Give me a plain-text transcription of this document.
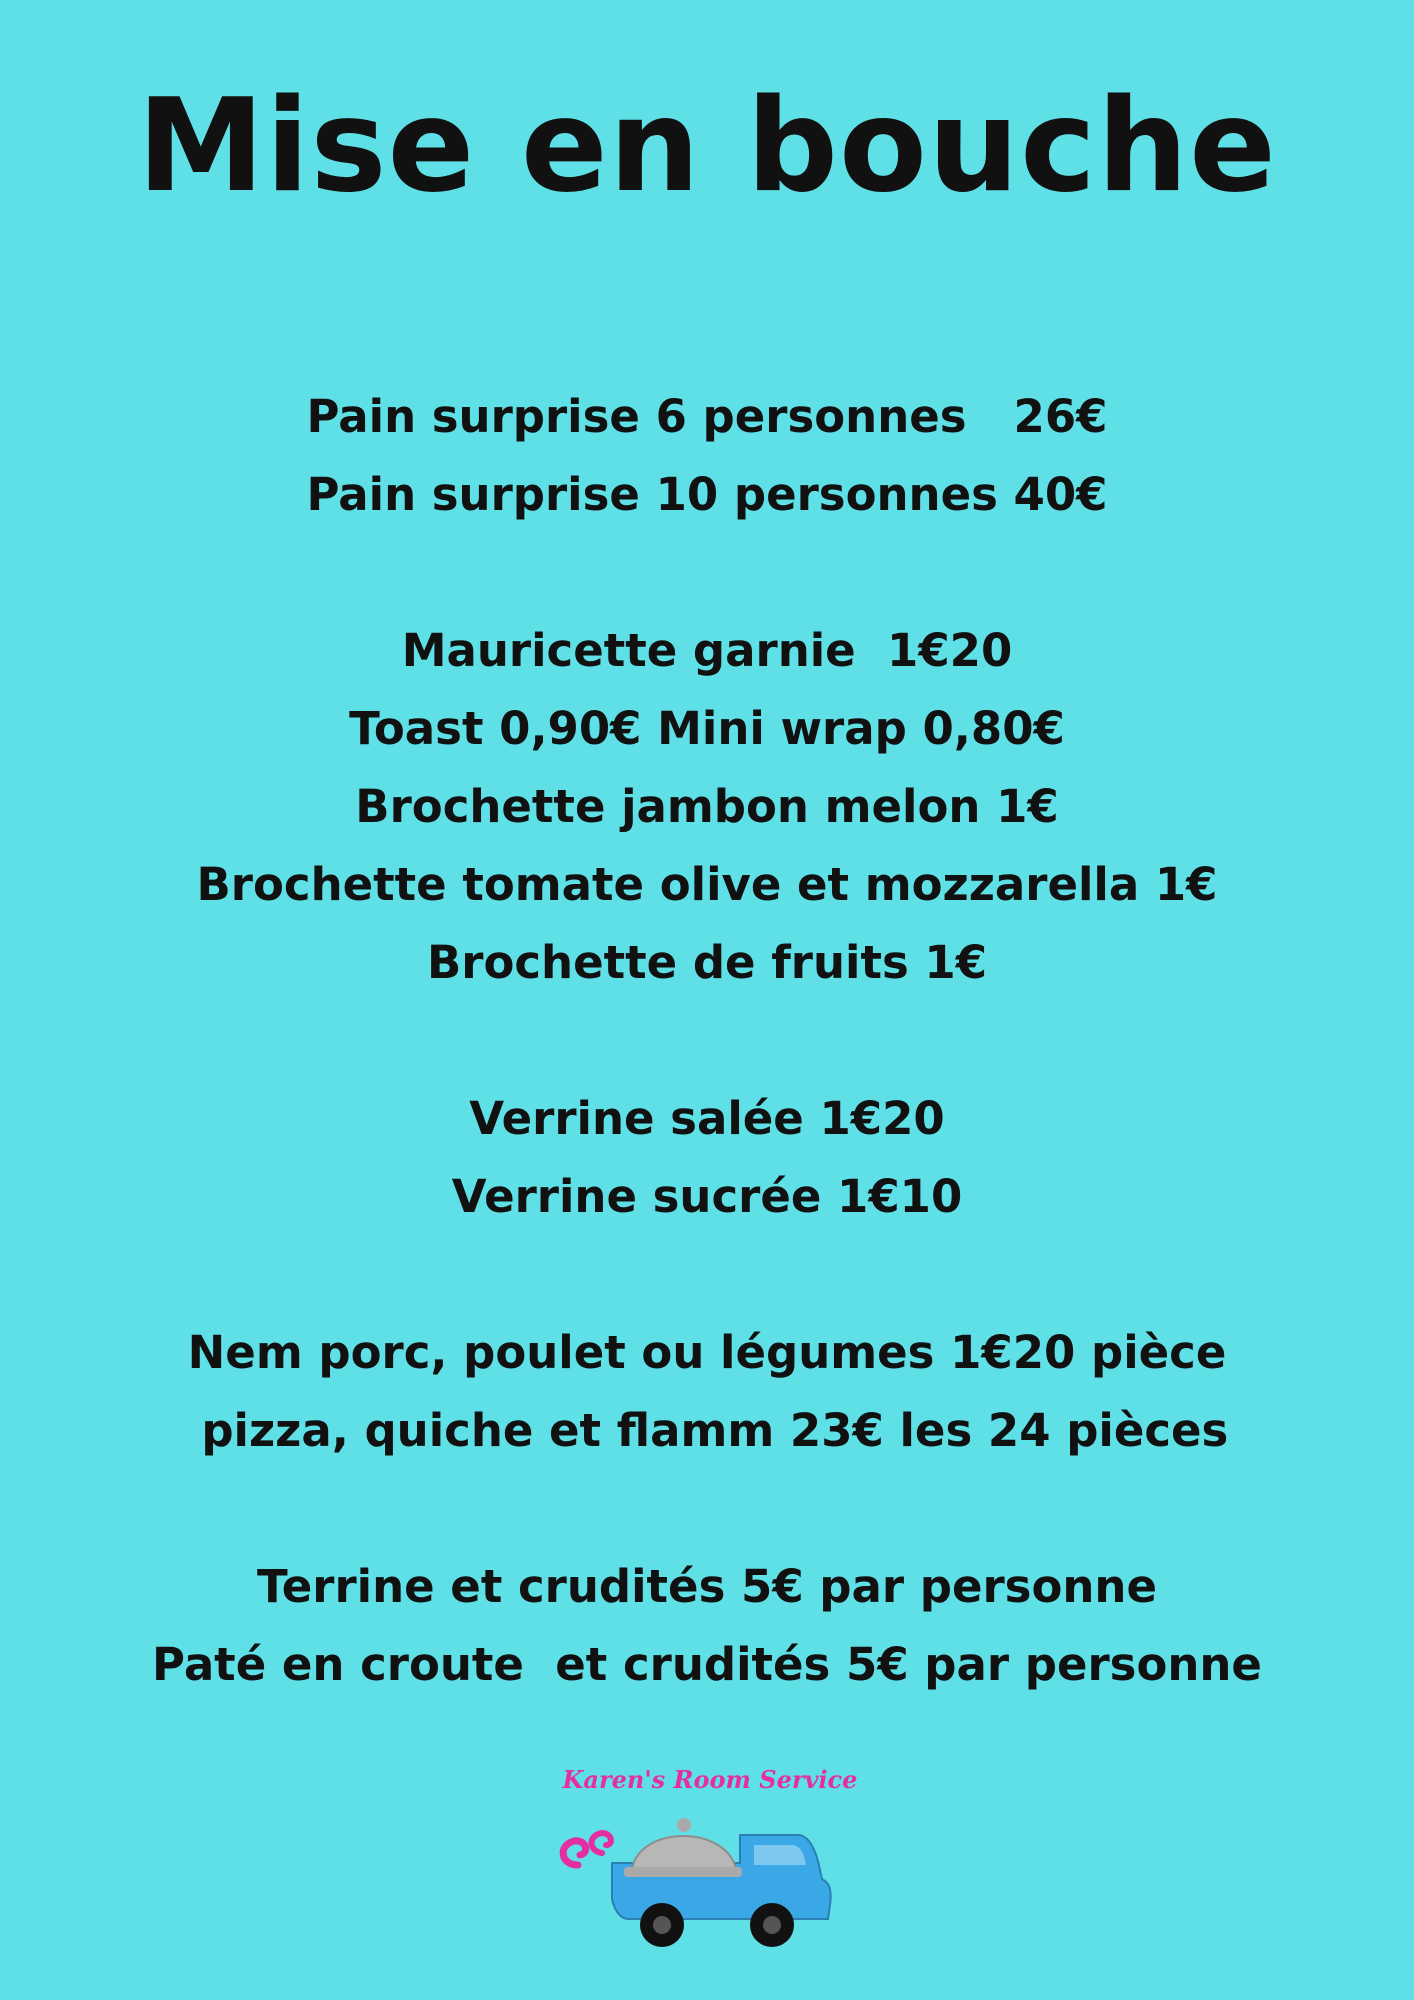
Mise en bouche
Pain surprise 6 personnes   26€
Pain surprise 10 personnes 40€
Mauricette garnie  1€20
Toast 0,90€ Mini wrap 0,80€
Brochette jambon melon 1€
Brochette tomate olive et mozzarella 1€
Brochette de fruits 1€
Verrine salée 1€20
Verrine sucrée 1€10
Nem porc, poulet ou légumes 1€20 pièce
pizza, quiche et flamm 23€ les 24 pièces
Terrine et crudités 5€ par personne
Paté en croute  et crudités 5€ par personne
Karen's Room Service
